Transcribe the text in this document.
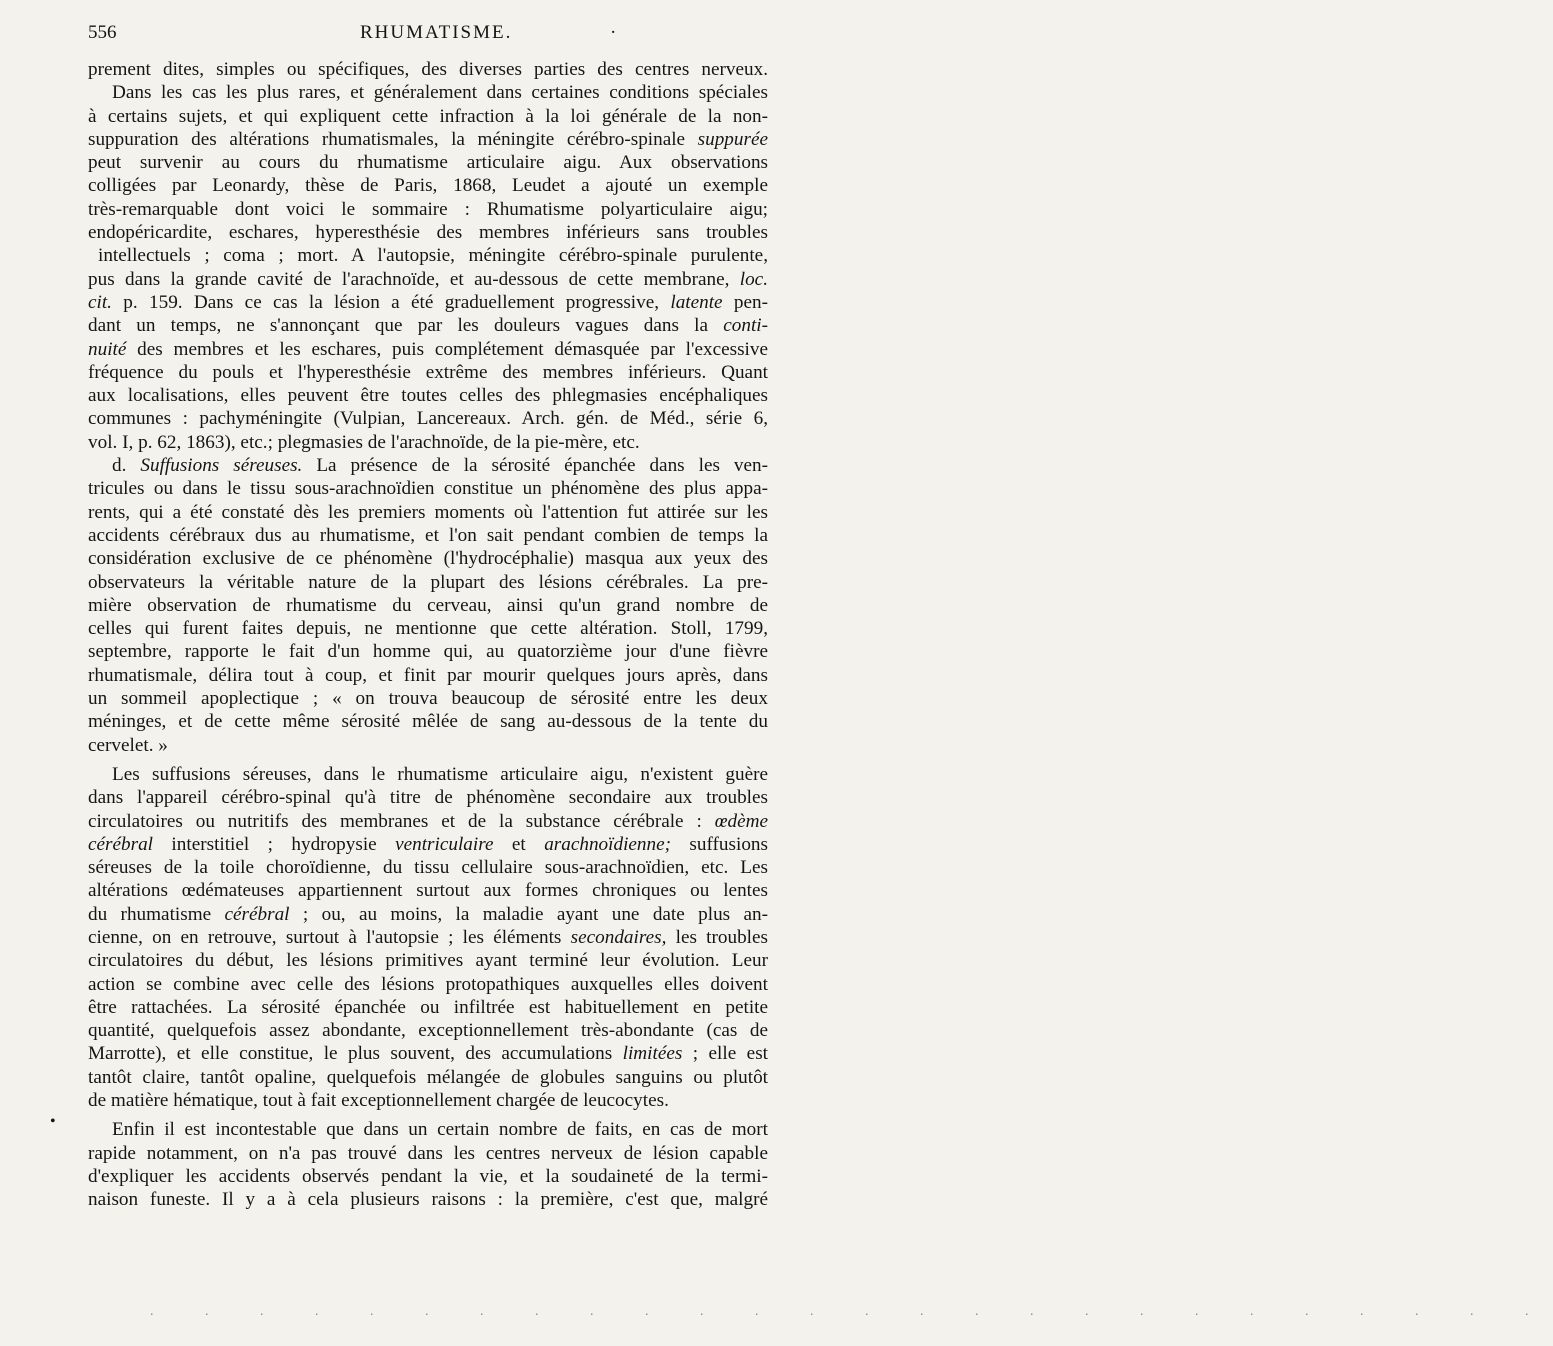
556	RHUMATISME.	·
prement dites, simples ou spécifiques, des diverses parties des centres nerveux.
Dans les cas les plus rares, et généralement dans certaines conditions spéciales
à certains sujets, et qui expliquent cette infraction à la loi générale de la non-
suppuration des altérations rhumatismales, la méningite cérébro-spinale suppurée
peut survenir au cours du rhumatisme articulaire aigu. Aux observations
colligées par Leonardy, thèse de Paris, 1868, Leudet a ajouté un exemple
très-remarquable dont voici le sommaire : Rhumatisme polyarticulaire aigu;
endopéricardite, eschares, hyperesthésie des membres inférieurs sans troubles
intellectuels ; coma ; mort. A l'autopsie, méningite cérébro-spinale purulente,
pus dans la grande cavité de l'arachnoïde, et au-dessous de cette membrane, loc.
cit. p. 159. Dans ce cas la lésion a été graduellement progressive, latente pen-
dant un temps, ne s'annonçant que par les douleurs vagues dans la conti-
nuité des membres et les eschares, puis complétement démasquée par l'excessive
fréquence du pouls et l'hyperesthésie extrême des membres inférieurs. Quant
aux localisations, elles peuvent être toutes celles des phlegmasies encéphaliques
communes : pachyméningite (Vulpian, Lancereaux. Arch. gén. de Méd., série 6,
vol. I, p. 62, 1863), etc.; plegmasies de l'arachnoïde, de la pie-mère, etc.
d. Suffusions séreuses. La présence de la sérosité épanchée dans les ven-
tricules ou dans le tissu sous-arachnoïdien constitue un phénomène des plus appa-
rents, qui a été constaté dès les premiers moments où l'attention fut attirée sur les
accidents cérébraux dus au rhumatisme, et l'on sait pendant combien de temps la
considération exclusive de ce phénomène (l'hydrocéphalie) masqua aux yeux des
observateurs la véritable nature de la plupart des lésions cérébrales. La pre-
mière observation de rhumatisme du cerveau, ainsi qu'un grand nombre de
celles qui furent faites depuis, ne mentionne que cette altération. Stoll, 1799,
septembre, rapporte le fait d'un homme qui, au quatorzième jour d'une fièvre
rhumatismale, délira tout à coup, et finit par mourir quelques jours après, dans
un sommeil apoplectique ; « on trouva beaucoup de sérosité entre les deux
méninges, et de cette même sérosité mêlée de sang au-dessous de la tente du
cervelet. »
Les suffusions séreuses, dans le rhumatisme articulaire aigu, n'existent guère
dans l'appareil cérébro-spinal qu'à titre de phénomène secondaire aux troubles
circulatoires ou nutritifs des membranes et de la substance cérébrale : œdème
cérébral interstitiel ; hydropysie ventriculaire et arachnoïdienne; suffusions
séreuses de la toile choroïdienne, du tissu cellulaire sous-arachnoïdien, etc. Les
altérations œdémateuses appartiennent surtout aux formes chroniques ou lentes
du rhumatisme cérébral ; ou, au moins, la maladie ayant une date plus an-
cienne, on en retrouve, surtout à l'autopsie ; les éléments secondaires, les troubles
circulatoires du début, les lésions primitives ayant terminé leur évolution. Leur
action se combine avec celle des lésions protopathiques auxquelles elles doivent
être rattachées. La sérosité épanchée ou infiltrée est habituellement en petite
quantité, quelquefois assez abondante, exceptionnellement très-abondante (cas de
Marrotte), et elle constitue, le plus souvent, des accumulations limitées ; elle est
tantôt claire, tantôt opaline, quelquefois mélangée de globules sanguins ou plutôt
de matière hématique, tout à fait exceptionnellement chargée de leucocytes.
Enfin il est incontestable que dans un certain nombre de faits, en cas de mort
rapide notamment, on n'a pas trouvé dans les centres nerveux de lésion capable
d'expliquer les accidents observés pendant la vie, et la soudaineté de la termi-
naison funeste. Il y a à cela plusieurs raisons : la première, c'est que, malgré
•
. . . . . . . . . . . . . . . . . . . . . . . . . .
